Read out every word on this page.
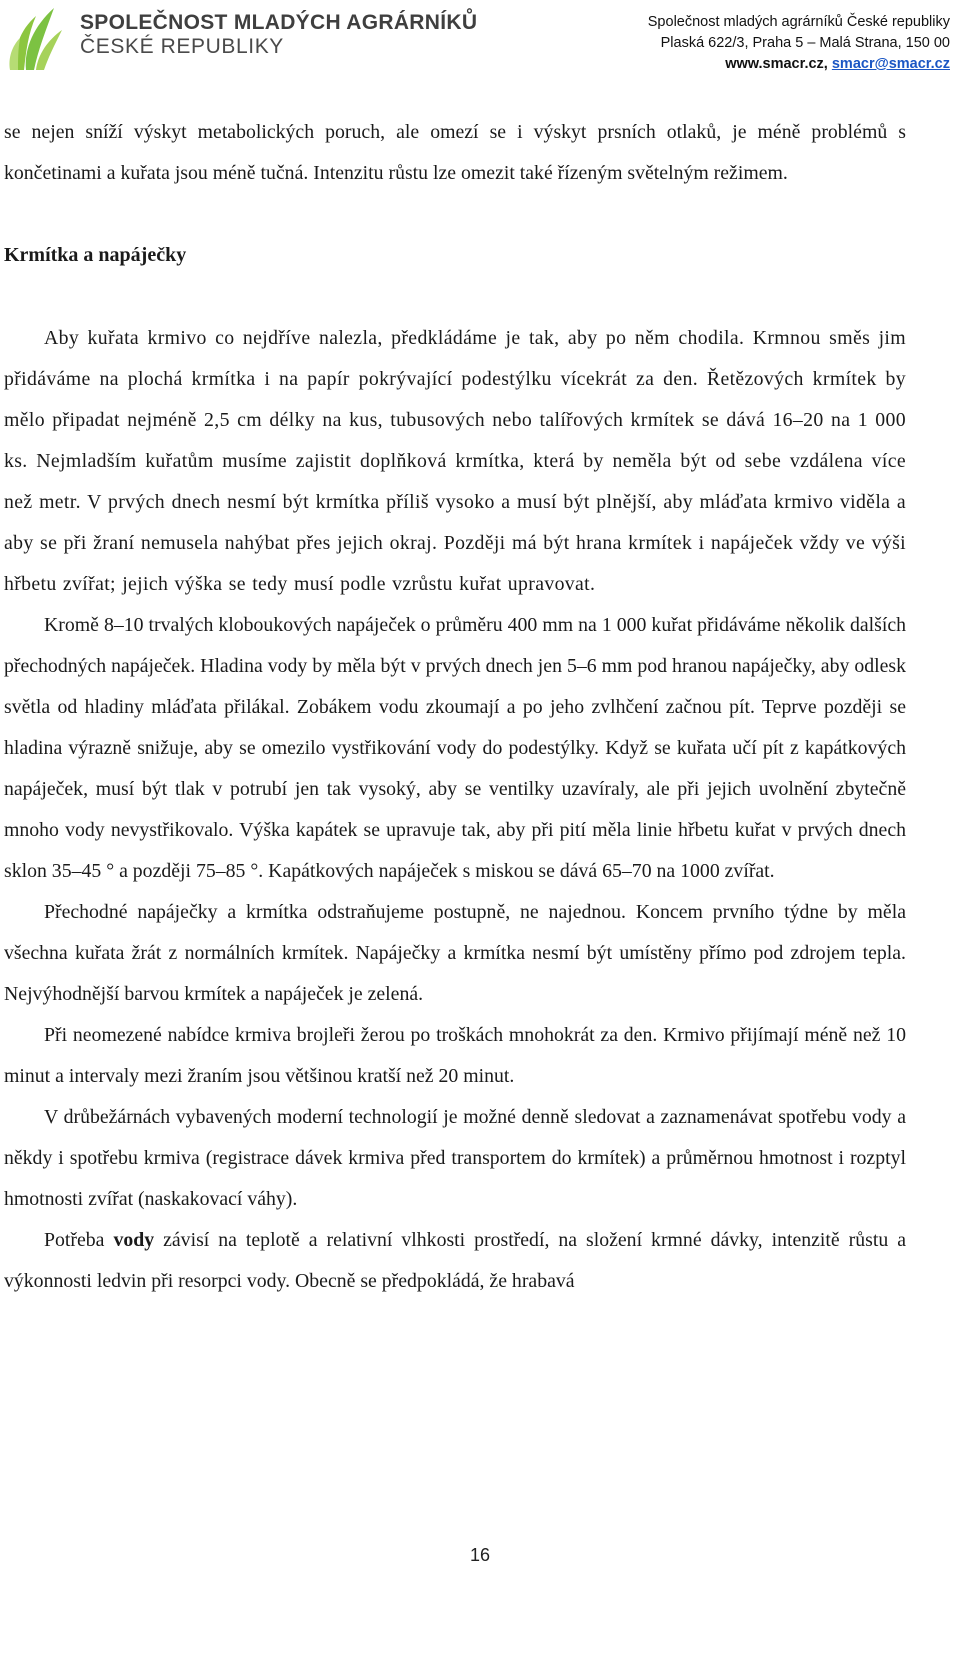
SPOLEČNOST MLADÝCH AGRÁRNÍKŮ
ČESKÉ REPUBLIKY
Společnost mladých agrárníků České republiky
Plaská 622/3, Praha 5 – Malá Strana, 150 00
www.smacr.cz, smacr@smacr.cz

se nejen sníží výskyt metabolických poruch, ale omezí se i výskyt prsních otlaků, je méně problémů s končetinami a kuřata jsou méně tučná. Intenzitu růstu lze omezit také řízeným světelným režimem.

Krmítka a napáječky

Aby kuřata krmivo co nejdříve nalezla, předkládáme je tak, aby po něm chodila. Krmnou směs jim přidáváme na plochá krmítka i na papír pokrývající podestýlku vícekrát za den. Řetězových krmítek by mělo připadat nejméně 2,5 cm délky na kus, tubusových nebo talířových krmítek se dává 16–20 na 1 000 ks. Nejmladším kuřatům musíme zajistit doplňková krmítka, která by neměla být od sebe vzdálena více než metr. V prvých dnech nesmí být krmítka příliš vysoko a musí být plnější, aby mláďata krmivo viděla a aby se při žraní nemusela nahýbat přes jejich okraj. Později má být hrana krmítek i napáječek vždy ve výši hřbetu zvířat; jejich výška se tedy musí podle vzrůstu kuřat upravovat.

Kromě 8–10 trvalých kloboukových napáječek o průměru 400 mm na 1 000 kuřat přidáváme několik dalších přechodných napáječek. Hladina vody by měla být v prvých dnech jen 5–6 mm pod hranou napáječky, aby odlesk světla od hladiny mláďata přilákal. Zobákem vodu zkoumají a po jeho zvlhčení začnou pít. Teprve později se hladina výrazně snižuje, aby se omezilo vystřikování vody do podestýlky. Když se kuřata učí pít z kapátkových napáječek, musí být tlak v potrubí jen tak vysoký, aby se ventilky uzavíraly, ale při jejich uvolnění zbytečně mnoho vody nevystřikovalo. Výška kapátek se upravuje tak, aby při pití měla linie hřbetu kuřat v prvých dnech sklon 35–45 ° a později 75–85 °. Kapátkových napáječek s miskou se dává 65–70 na 1000 zvířat.

Přechodné napáječky a krmítka odstraňujeme postupně, ne najednou. Koncem prvního týdne by měla všechna kuřata žrát z normálních krmítek. Napáječky a krmítka nesmí být umístěny přímo pod zdrojem tepla. Nejvýhodnější barvou krmítek a napáječek je zelená.

Při neomezené nabídce krmiva brojleři žerou po troškách mnohokrát za den. Krmivo přijímají méně než 10 minut a intervaly mezi žraním jsou většinou kratší než 20 minut.

V drůbežárnách vybavených moderní technologií je možné denně sledovat a zaznamenávat spotřebu vody a někdy i spotřebu krmiva (registrace dávek krmiva před transportem do krmítek) a průměrnou hmotnost i rozptyl hmotnosti zvířat (naskakovací váhy).

Potřeba vody závisí na teplotě a relativní vlhkosti prostředí, na složení krmné dávky, intenzitě růstu a výkonnosti ledvin při resorpci vody. Obecně se předpokládá, že hrabavá

16
